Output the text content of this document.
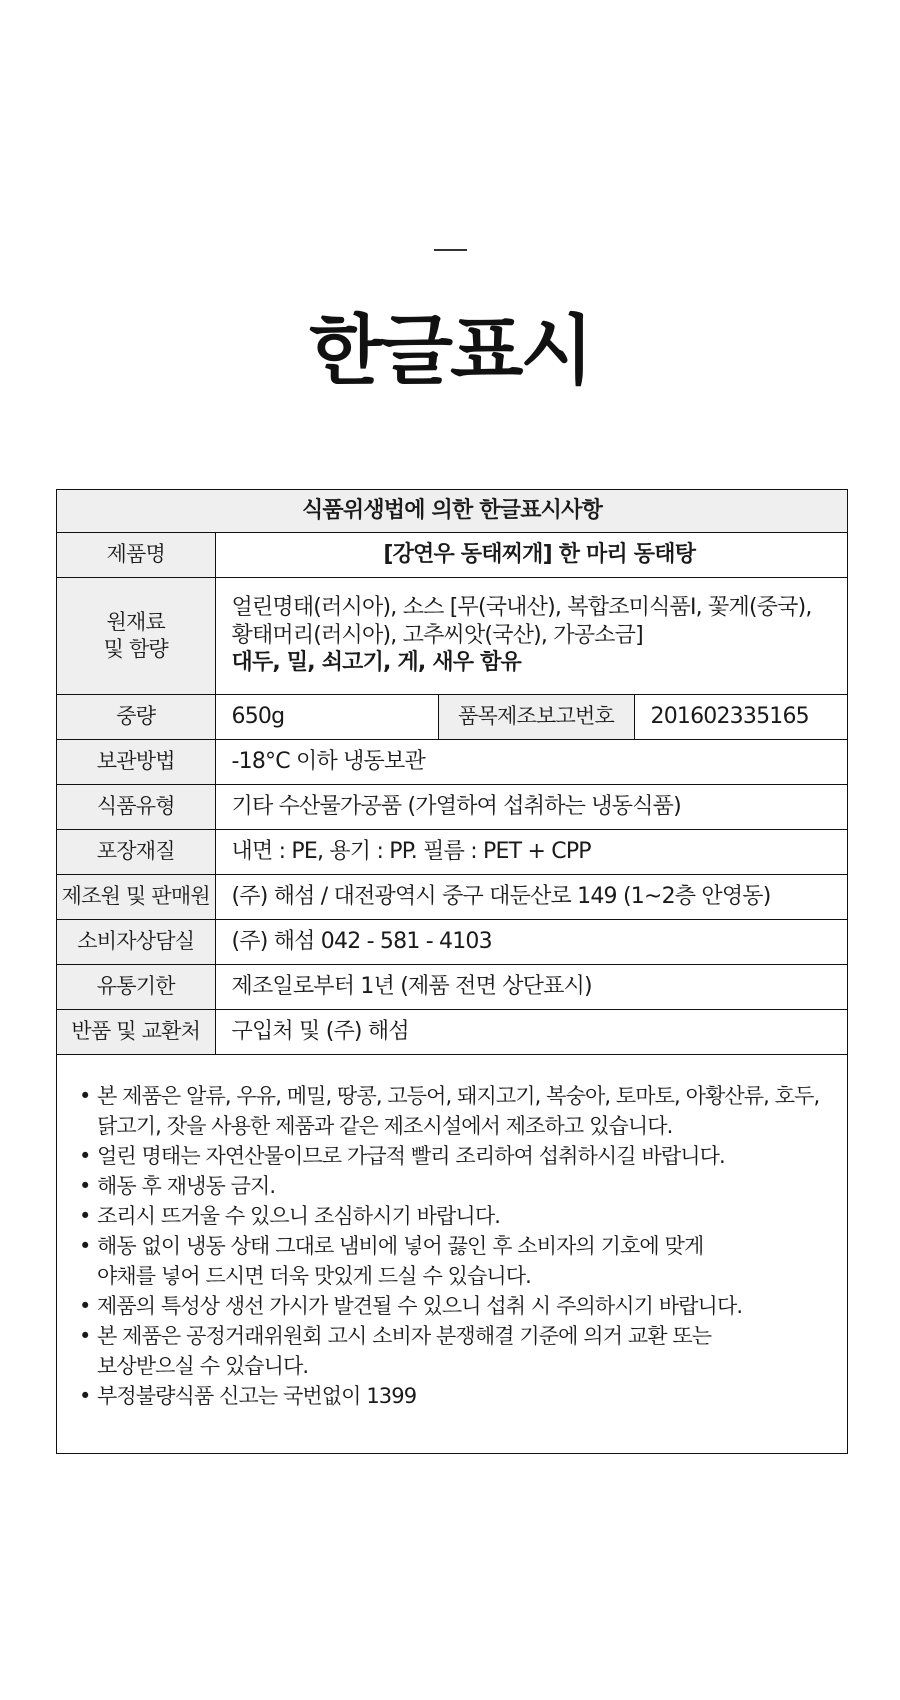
한글표시
식품위생법에 의한 한글표시사항			
제품명	[강연우 동태찌개] 한 마리 동태탕		
원재료
및 함량	얼린명태(러시아), 소스 [무(국내산), 복합조미식품I, 꽃게(중국), 황태머리(러시아), 고추씨앗(국산), 가공소금]
대두, 밀, 쇠고기, 게, 새우 함유		

중량	650g	품목제조보고번호	201602335165
보관방법	-18°C 이하 냉동보관		
식품유형	기타 수산물가공품 (가열하여 섭취하는 냉동식품)		
포장재질	내면 : PE, 용기 : PP. 필름 : PET + CPP		
제조원 및 판매원	(주) 해섬 / 대전광역시 중구 대둔산로 149 (1~2층 안영동)		
소비자상담실	(주) 해섬 042 - 581 - 4103		
유통기한	제조일로부터 1년 (제품 전면 상단표시)		
반품 및 교환처	구입처 및 (주) 해섬		
• 본 제품은 알류, 우유, 메밀, 땅콩, 고등어, 돼지고기, 복숭아, 토마토, 아황산류, 호두,
닭고기, 잣을 사용한 제품과 같은 제조시설에서 제조하고 있습니다.
• 얼린 명태는 자연산물이므로 가급적 빨리 조리하여 섭취하시길 바랍니다.
• 해동 후 재냉동 금지.
• 조리시 뜨거울 수 있으니 조심하시기 바랍니다.
• 해동 없이 냉동 상태 그대로 냄비에 넣어 끓인 후 소비자의 기호에 맞게
야채를 넣어 드시면 더욱 맛있게 드실 수 있습니다.
• 제품의 특성상 생선 가시가 발견될 수 있으니 섭취 시 주의하시기 바랍니다.
• 본 제품은 공정거래위원회 고시 소비자 분쟁해결 기준에 의거 교환 또는
보상받으실 수 있습니다.
• 부정불량식품 신고는 국번없이 1399
